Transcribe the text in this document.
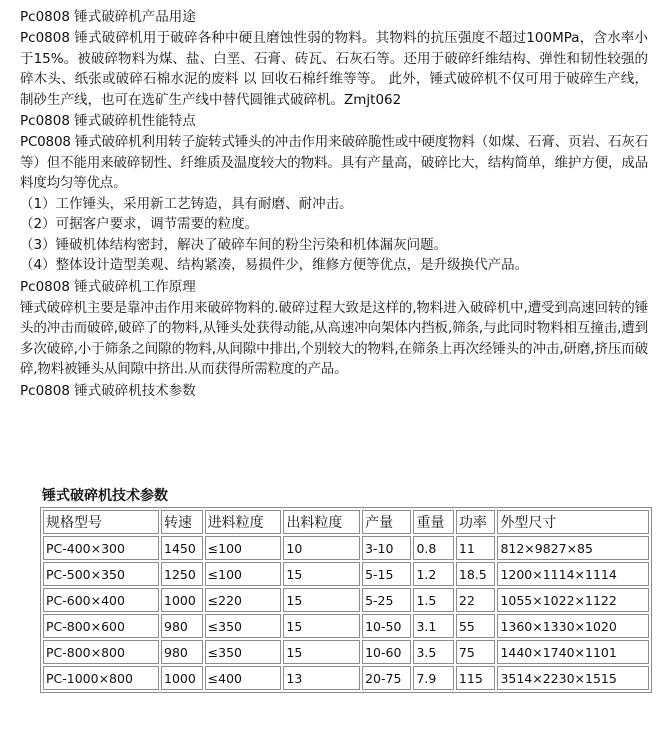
Pc0808 锤式破碎机产品用途

Pc0808 锤式破碎机用于破碎各种中硬且磨蚀性弱的物料。其物料的抗压强度不超过100MPa，含水率小于15%。被破碎物料为煤、盐、白垩、石膏、砖瓦、石灰石等。还用于破碎纤维结构、弹性和韧性较强的碎木头、纸张或破碎石棉水泥的废料 以 回收石棉纤维等等。 此外，锤式破碎机不仅可用于破碎生产线，制砂生产线，也可在选矿生产线中替代圆锥式破碎机。Zmjt062

Pc0808 锤式破碎机性能特点

PC0808 锤式破碎机利用转子旋转式锤头的冲击作用来破碎脆性或中硬度物料（如煤、石膏、页岩、石灰石等）但不能用来破碎韧性、纤维质及温度较大的物料。具有产量高，破碎比大，结构简单，维护方便，成品料度均匀等优点。

（1）工作锤头，采用新工艺铸造，具有耐磨、耐冲击。
（2）可据客户要求，调节需要的粒度。
（3）锤破机体结构密封，解决了破碎车间的粉尘污染和机体漏灰问题。
（4）整体设计造型美观、结构紧凑，易损件少，维修方便等优点，是升级换代产品。
Pc0808 锤式破碎机工作原理

锤式破碎机主要是靠冲击作用来破碎物料的.破碎过程大致是这样的,物料进入破碎机中,遭受到高速回转的锤头的冲击而破碎,破碎了的物料,从锤头处获得动能,从高速冲向架体内挡板,筛条,与此同时物料相互撞击,遭到多次破碎,小于筛条之间隙的物料,从间隙中排出,个别较大的物料,在筛条上再次经锤头的冲击,研磨,挤压而破碎,物料被锤头从间隙中挤出.从而获得所需粒度的产品。

Pc0808 锤式破碎机技术参数
锤式破碎机技术参数
规格型号	转速	进料粒度	出料粒度	产量	重量	功率	外型尺寸
PC-400×300	1450	≤100	10	3-10	0.8	11	812×9827×85
PC-500×350	1250	≤100	15	5-15	1.2	18.5	1200×1114×1114
PC-600×400	1000	≤220	15	5-25	1.5	22	1055×1022×1122
PC-800×600	980	≤350	15	10-50	3.1	55	1360×1330×1020
PC-800×800	980	≤350	15	10-60	3.5	75	1440×1740×1101
PC-1000×800	1000	≤400	13	20-75	7.9	115	3514×2230×1515
